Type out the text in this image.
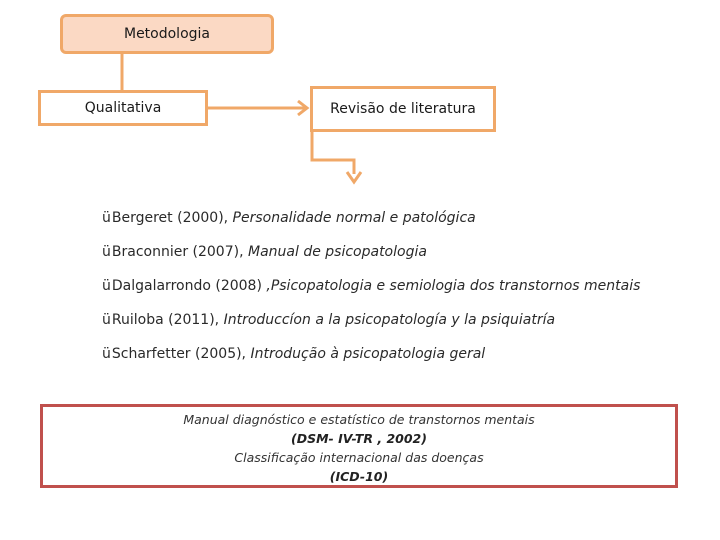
Metodologia
Qualitativa	Revisão de literatura
üBergeret (2000), Personalidade normal e patológica
üBraconnier (2007), Manual de psicopatologia
üDalgalarrondo (2008) ,Psicopatologia e semiologia dos transtornos mentais
üRuiloba (2011), Introduccíon a la psicopatología y la psiquiatría
üScharfetter (2005), Introdução à psicopatologia geral
Manual diagnóstico e estatístico de transtornos mentais
(DSM- IV-TR , 2002)
Classificação internacional das doenças
(ICD-10)
